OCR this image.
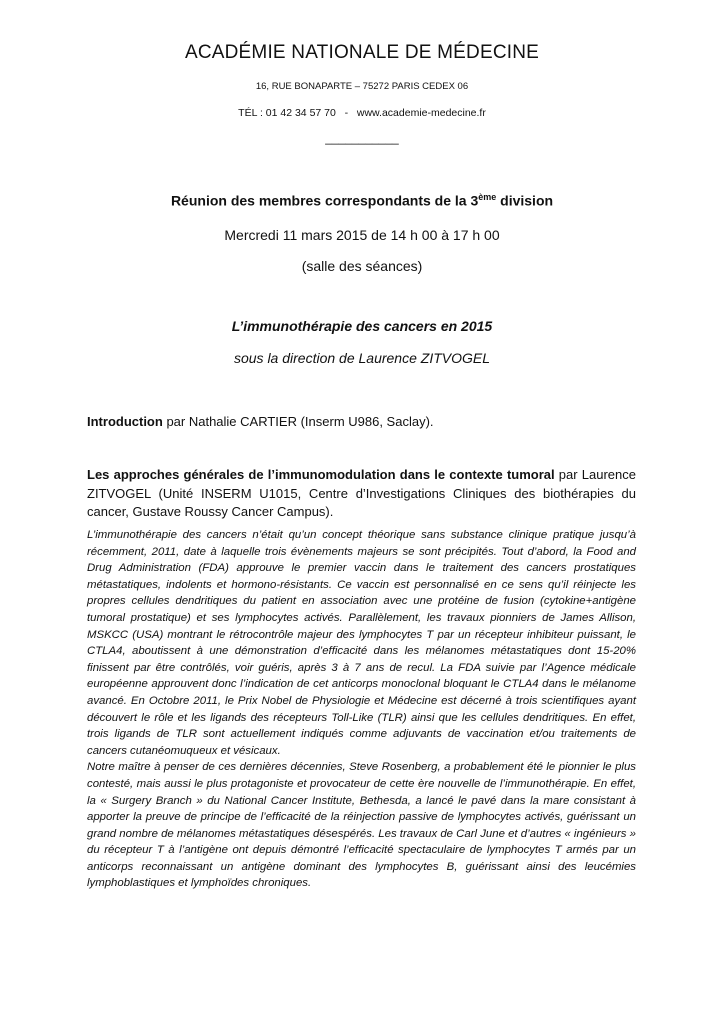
ACADÉMIE NATIONALE DE MÉDECINE
16, RUE BONAPARTE – 75272 PARIS CEDEX 06
TÉL : 01 42 34 57 70 - www.academie-medecine.fr
___________
Réunion des membres correspondants de la 3ème division
Mercredi 11 mars 2015 de 14 h 00 à 17 h 00
(salle des séances)
L’immunothérapie des cancers en 2015
sous la direction de Laurence ZITVOGEL
Introduction par Nathalie CARTIER (Inserm U986, Saclay).
Les approches générales de l’immunomodulation dans le contexte tumoral par Laurence ZITVOGEL (Unité INSERM U1015, Centre d’Investigations Cliniques des biothérapies du cancer, Gustave Roussy Cancer Campus).

L’immunothérapie des cancers n’était qu’un concept théorique sans substance clinique pratique jusqu’à récemment, 2011, date à laquelle trois évènements majeurs se sont précipités. Tout d’abord, la Food and Drug Administration (FDA) approuve le premier vaccin dans le traitement des cancers prostatiques métastatiques, indolents et hormono-résistants. Ce vaccin est personnalisé en ce sens qu’il réinjecte les propres cellules dendritiques du patient en association avec une protéine de fusion (cytokine+antigène tumoral prostatique) et ses lymphocytes activés. Parallèlement, les travaux pionniers de James Allison, MSKCC (USA) montrant le rétrocontrôle majeur des lymphocytes T par un récepteur inhibiteur puissant, le CTLA4, aboutissent à une démonstration d’efficacité dans les mélanomes métastatiques dont 15-20% finissent par être contrôlés, voir guéris, après 3 à 7 ans de recul. La FDA suivie par l’Agence médicale européenne approuvent donc l’indication de cet anticorps monoclonal bloquant le CTLA4 dans le mélanome avancé. En Octobre 2011, le Prix Nobel de Physiologie et Médecine est décerné à trois scientifiques ayant découvert le rôle et les ligands des récepteurs Toll-Like (TLR) ainsi que les cellules dendritiques. En effet, trois ligands de TLR sont actuellement indiqués comme adjuvants de vaccination et/ou traitements de cancers cutanéomuqueux et vésicaux.

Notre maître à penser de ces dernières décennies, Steve Rosenberg, a probablement été le pionnier le plus contesté, mais aussi le plus protagoniste et provocateur de cette ère nouvelle de l’immunothérapie. En effet, la « Surgery Branch » du National Cancer Institute, Bethesda, a lancé le pavé dans la mare consistant à apporter la preuve de principe de l’efficacité de la réinjection passive de lymphocytes activés, guérissant un grand nombre de mélanomes métastatiques désespérés. Les travaux de Carl June et d’autres « ingénieurs » du récepteur T à l’antigène ont depuis démontré l’efficacité spectaculaire de lymphocytes T armés par un anticorps reconnaissant un antigène dominant des lymphocytes B, guérissant ainsi des leucémies lymphoblastiques et lymphoïdes chroniques.
